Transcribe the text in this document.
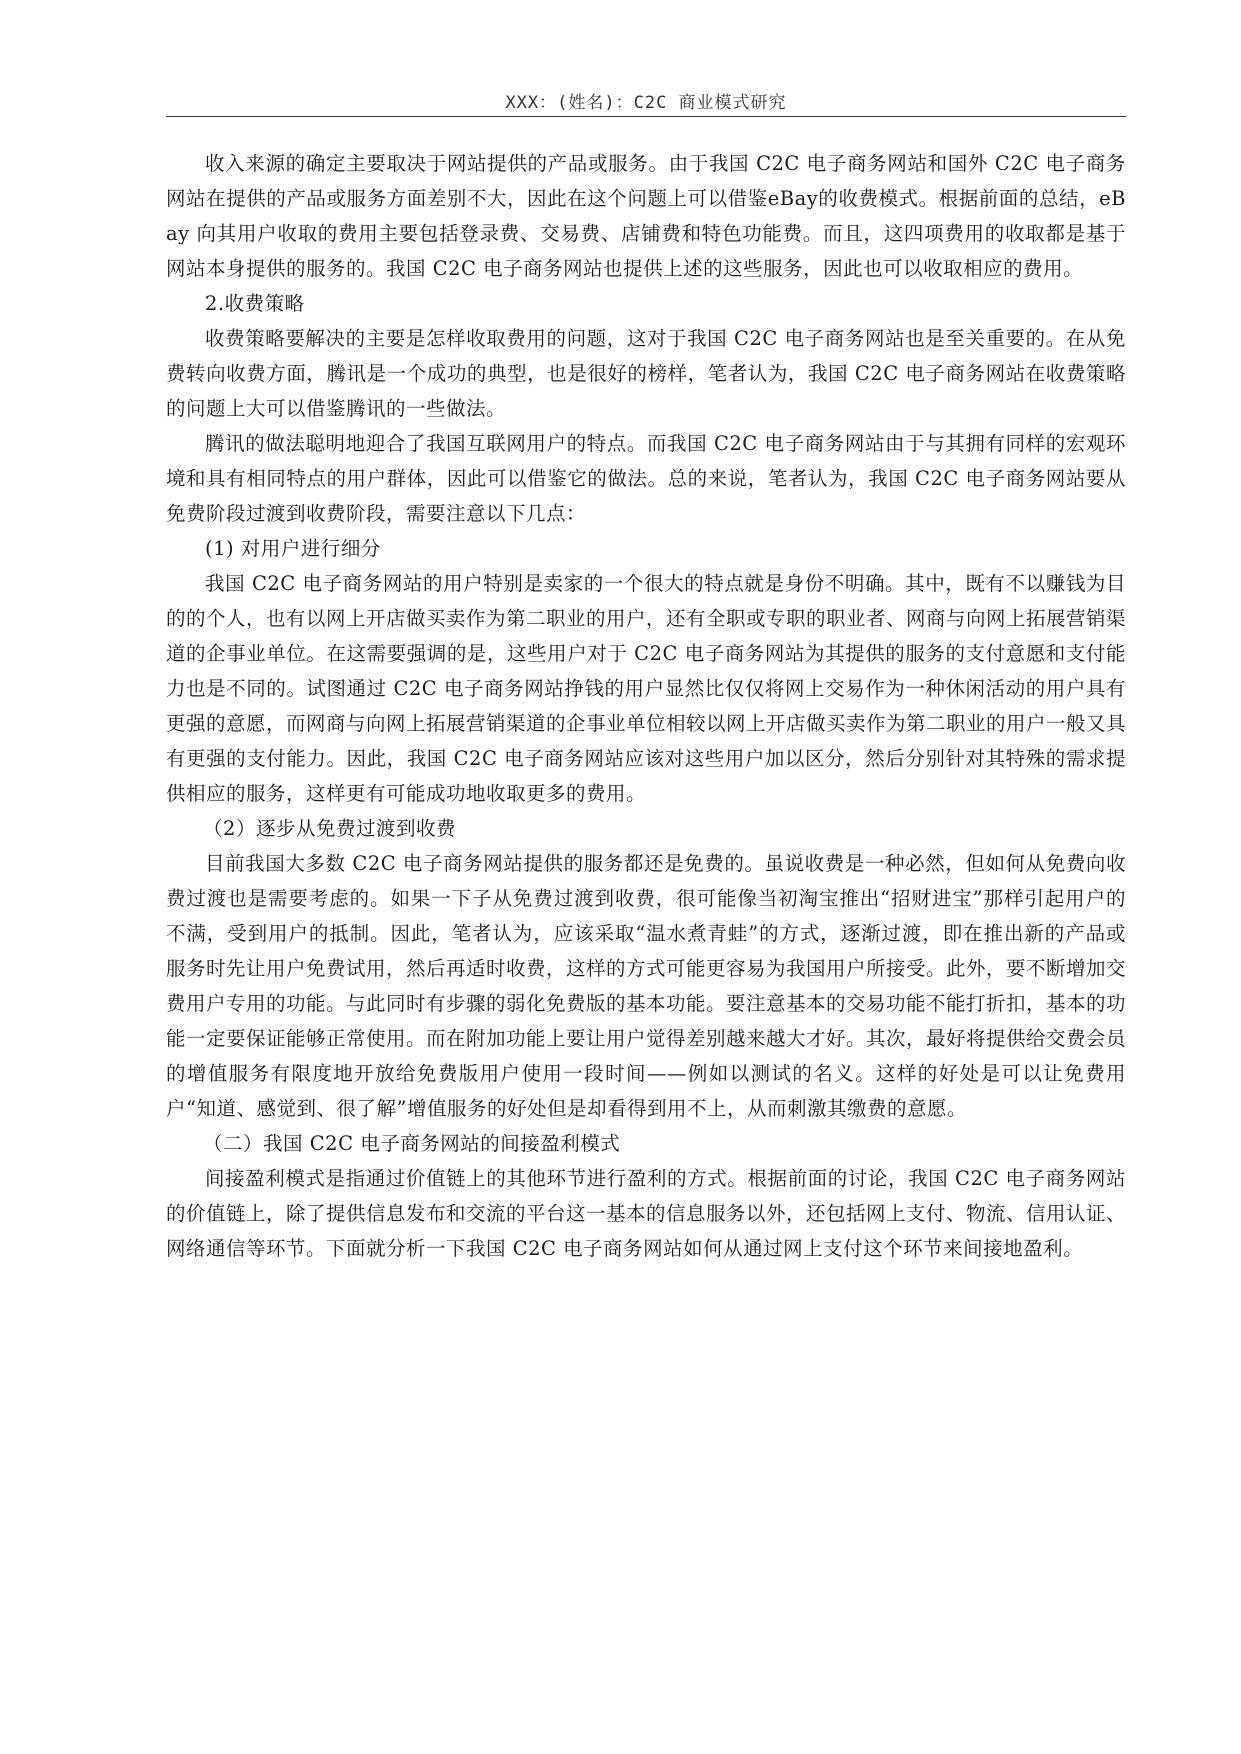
XXX：(姓名)：C2C 商业模式研究

收入来源的确定主要取决于网站提供的产品或服务。由于我国 C2C 电子商务网站和国外 C2C 电子商务网站在提供的产品或服务方面差别不大，因此在这个问题上可以借鉴eBay的收费模式。根据前面的总结，eBay 向其用户收取的费用主要包括登录费、交易费、店铺费和特色功能费。而且，这四项费用的收取都是基于网站本身提供的服务的。我国 C2C 电子商务网站也提供上述的这些服务，因此也可以收取相应的费用。

2.收费策略

收费策略要解决的主要是怎样收取费用的问题，这对于我国 C2C 电子商务网站也是至关重要的。在从免费转向收费方面，腾讯是一个成功的典型，也是很好的榜样，笔者认为，我国 C2C 电子商务网站在收费策略的问题上大可以借鉴腾讯的一些做法。

腾讯的做法聪明地迎合了我国互联网用户的特点。而我国 C2C 电子商务网站由于与其拥有同样的宏观环境和具有相同特点的用户群体，因此可以借鉴它的做法。总的来说，笔者认为，我国 C2C 电子商务网站要从免费阶段过渡到收费阶段，需要注意以下几点：

(1) 对用户进行细分

我国 C2C 电子商务网站的用户特别是卖家的一个很大的特点就是身份不明确。其中，既有不以赚钱为目的的个人，也有以网上开店做买卖作为第二职业的用户，还有全职或专职的职业者、网商与向网上拓展营销渠道的企事业单位。在这需要强调的是，这些用户对于 C2C 电子商务网站为其提供的服务的支付意愿和支付能力也是不同的。试图通过 C2C 电子商务网站挣钱的用户显然比仅仅将网上交易作为一种休闲活动的用户具有更强的意愿，而网商与向网上拓展营销渠道的企事业单位相较以网上开店做买卖作为第二职业的用户一般又具有更强的支付能力。因此，我国 C2C 电子商务网站应该对这些用户加以区分，然后分别针对其特殊的需求提供相应的服务，这样更有可能成功地收取更多的费用。

（2）逐步从免费过渡到收费

目前我国大多数 C2C 电子商务网站提供的服务都还是免费的。虽说收费是一种必然，但如何从免费向收费过渡也是需要考虑的。如果一下子从免费过渡到收费，很可能像当初淘宝推出“招财进宝”那样引起用户的不满，受到用户的抵制。因此，笔者认为，应该采取“温水煮青蛙”的方式，逐渐过渡，即在推出新的产品或服务时先让用户免费试用，然后再适时收费，这样的方式可能更容易为我国用户所接受。此外，要不断增加交费用户专用的功能。与此同时有步骤的弱化免费版的基本功能。要注意基本的交易功能不能打折扣，基本的功能一定要保证能够正常使用。而在附加功能上要让用户觉得差别越来越大才好。其次，最好将提供给交费会员的增值服务有限度地开放给免费版用户使用一段时间——例如以测试的名义。这样的好处是可以让免费用户“知道、感觉到、很了解”增值服务的好处但是却看得到用不上，从而刺激其缴费的意愿。

（二）我国 C2C 电子商务网站的间接盈利模式

间接盈利模式是指通过价值链上的其他环节进行盈利的方式。根据前面的讨论，我国 C2C 电子商务网站的价值链上，除了提供信息发布和交流的平台这一基本的信息服务以外，还包括网上支付、物流、信用认证、网络通信等环节。下面就分析一下我国 C2C 电子商务网站如何从通过网上支付这个环节来间接地盈利。
